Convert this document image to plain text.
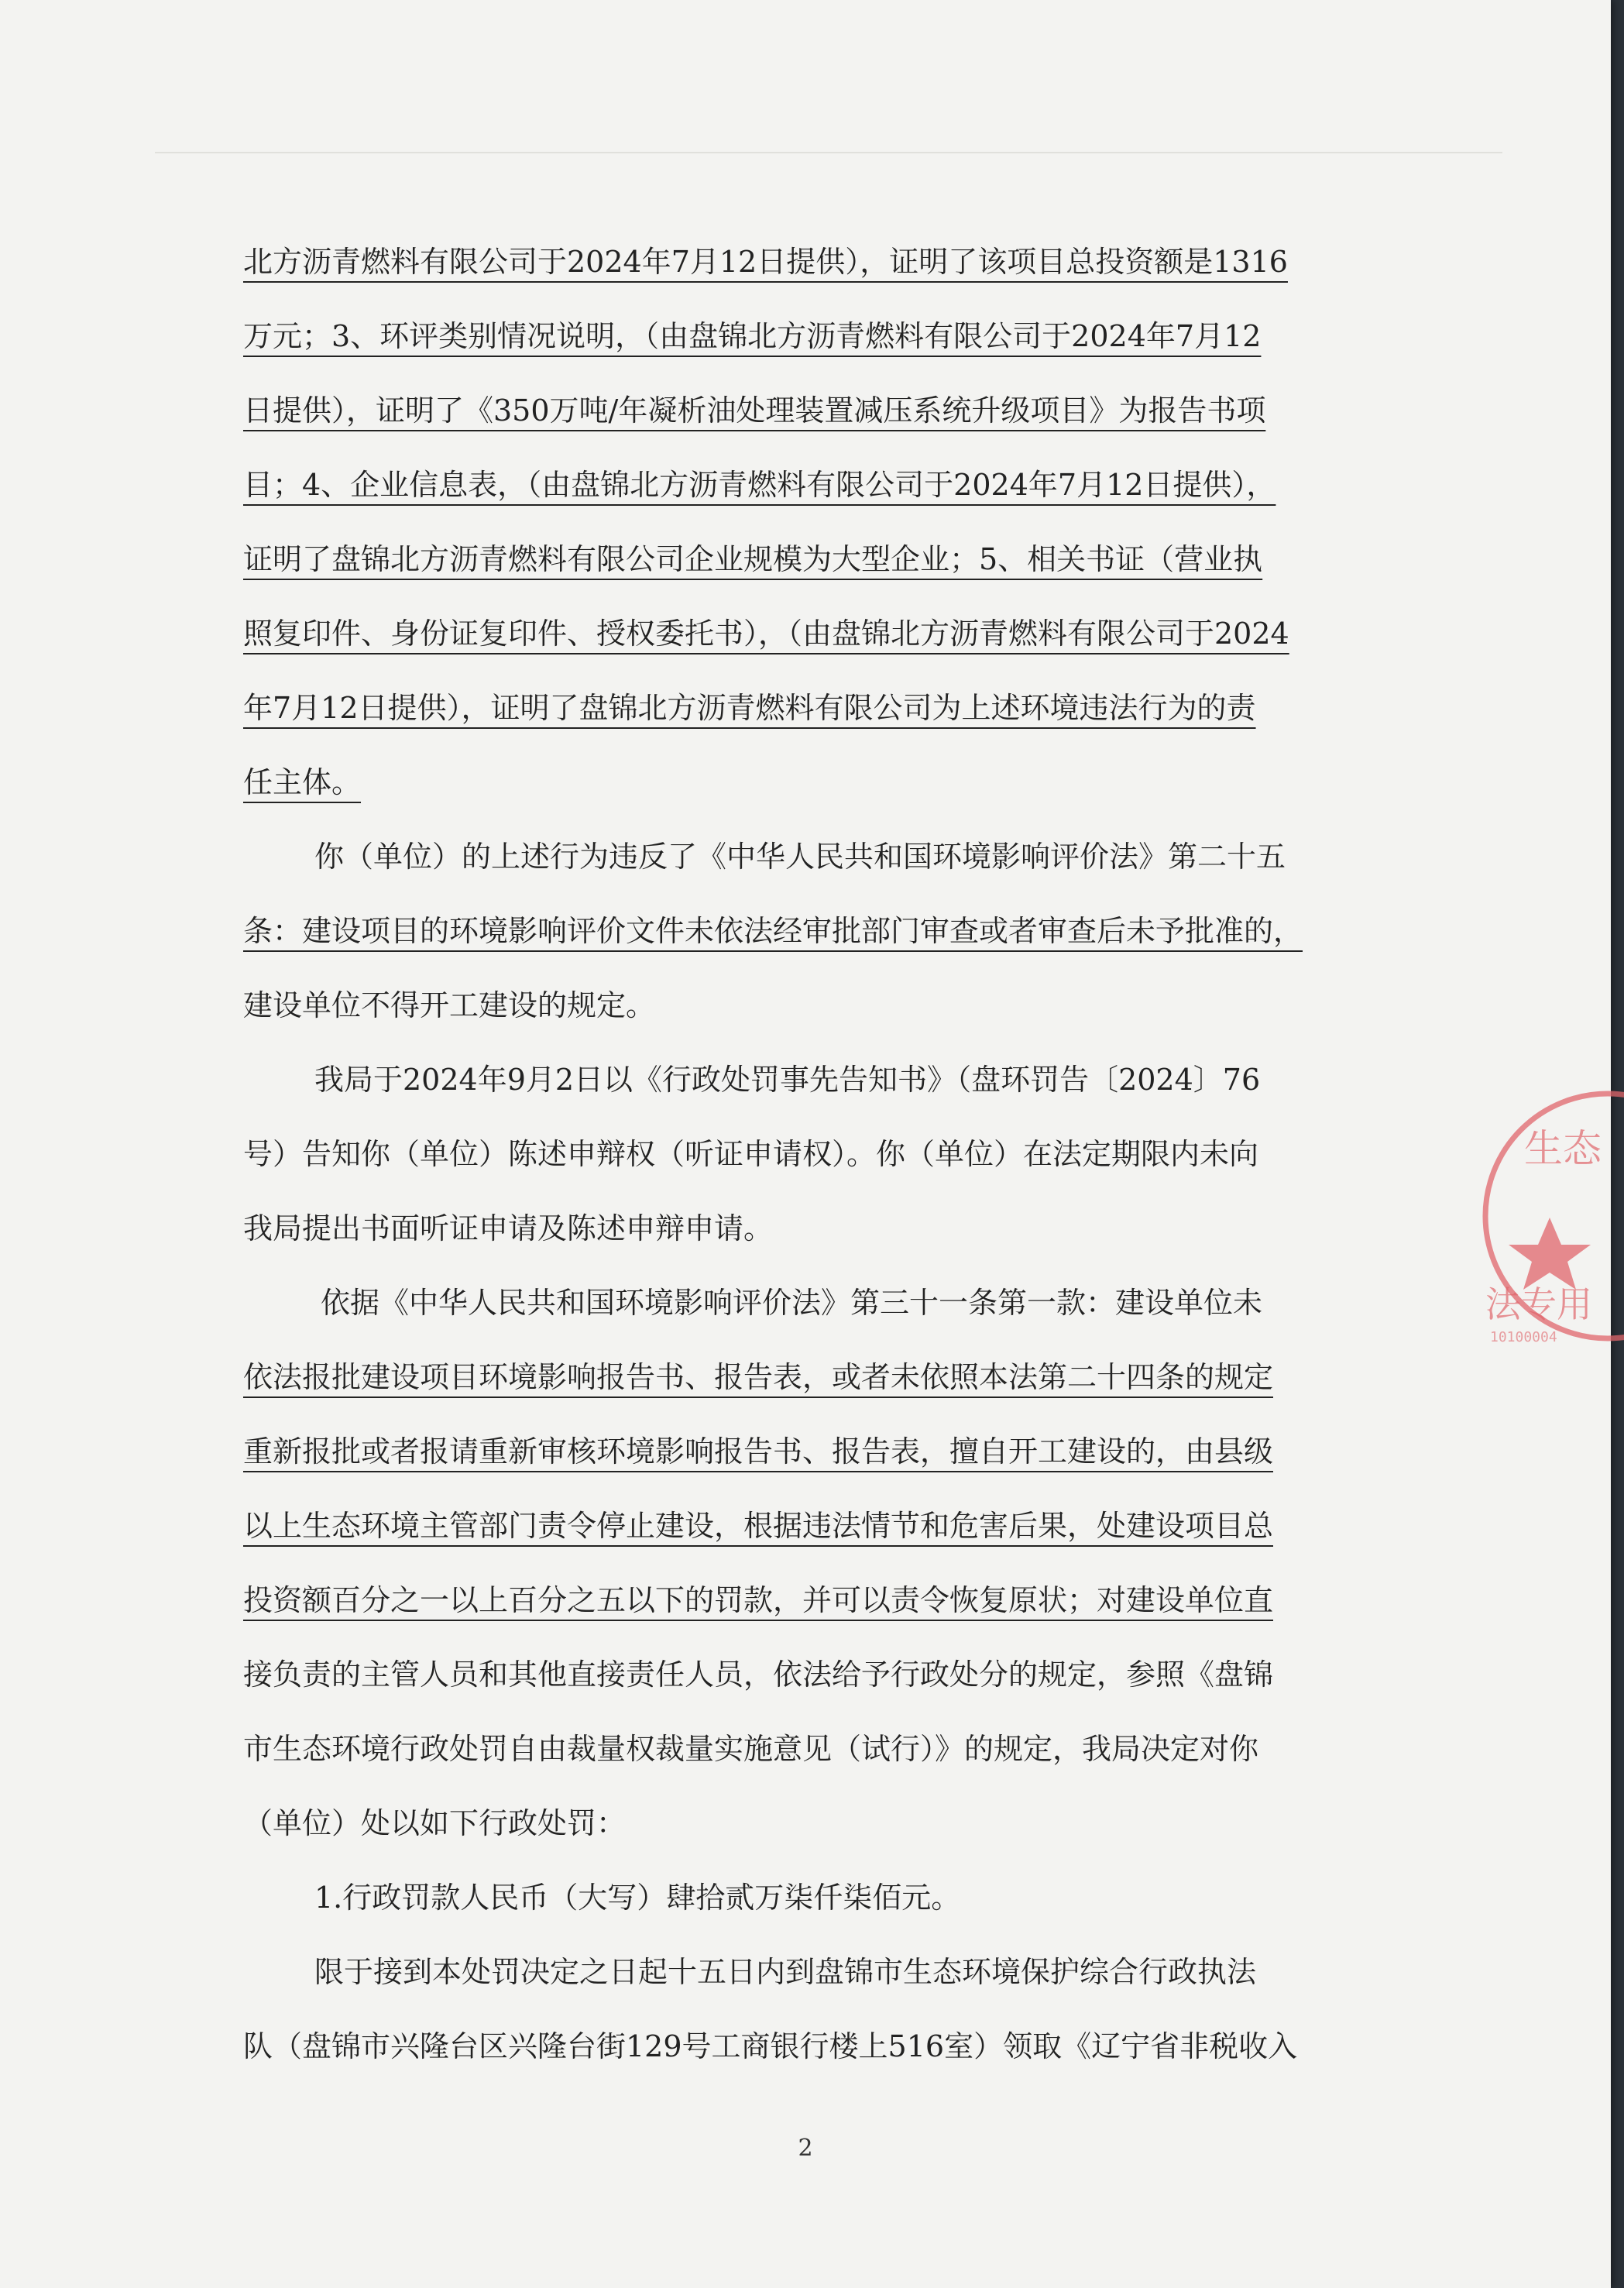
北方沥青燃料有限公司于2024年7月12日提供），证明了该项目总投资额是1316
万元；3、环评类别情况说明，（由盘锦北方沥青燃料有限公司于2024年7月12
日提供），证明了《350万吨/年凝析油处理装置减压系统升级项目》为报告书项
目；4、企业信息表，（由盘锦北方沥青燃料有限公司于2024年7月12日提供），
证明了盘锦北方沥青燃料有限公司企业规模为大型企业；5、相关书证（营业执
照复印件、身份证复印件、授权委托书），（由盘锦北方沥青燃料有限公司于2024
年7月12日提供），证明了盘锦北方沥青燃料有限公司为上述环境违法行为的责
任主体。
你（单位）的上述行为违反了《中华人民共和国环境影响评价法》第二十五
条：建设项目的环境影响评价文件未依法经审批部门审查或者审查后未予批准的，
建设单位不得开工建设的规定。
我局于2024年9月2日以《行政处罚事先告知书》（盘环罚告〔2024〕76
号）告知你（单位）陈述申辩权（听证申请权）。你（单位）在法定期限内未向
我局提出书面听证申请及陈述申辩申请。
依据《中华人民共和国环境影响评价法》第三十一条第一款：建设单位未
依法报批建设项目环境影响报告书、报告表，或者未依照本法第二十四条的规定
重新报批或者报请重新审核环境影响报告书、报告表，擅自开工建设的，由县级
以上生态环境主管部门责令停止建设，根据违法情节和危害后果，处建设项目总
投资额百分之一以上百分之五以下的罚款，并可以责令恢复原状；对建设单位直
接负责的主管人员和其他直接责任人员，依法给予行政处分的规定，参照《盘锦
市生态环境行政处罚自由裁量权裁量实施意见（试行）》的规定，我局决定对你
（单位）处以如下行政处罚：
1.行政罚款人民币（大写）肆拾贰万柒仟柒佰元。
限于接到本处罚决定之日起十五日内到盘锦市生态环境保护综合行政执法
队（盘锦市兴隆台区兴隆台街129号工商银行楼上516室）领取《辽宁省非税收入
2
生态
法专用
10100004
